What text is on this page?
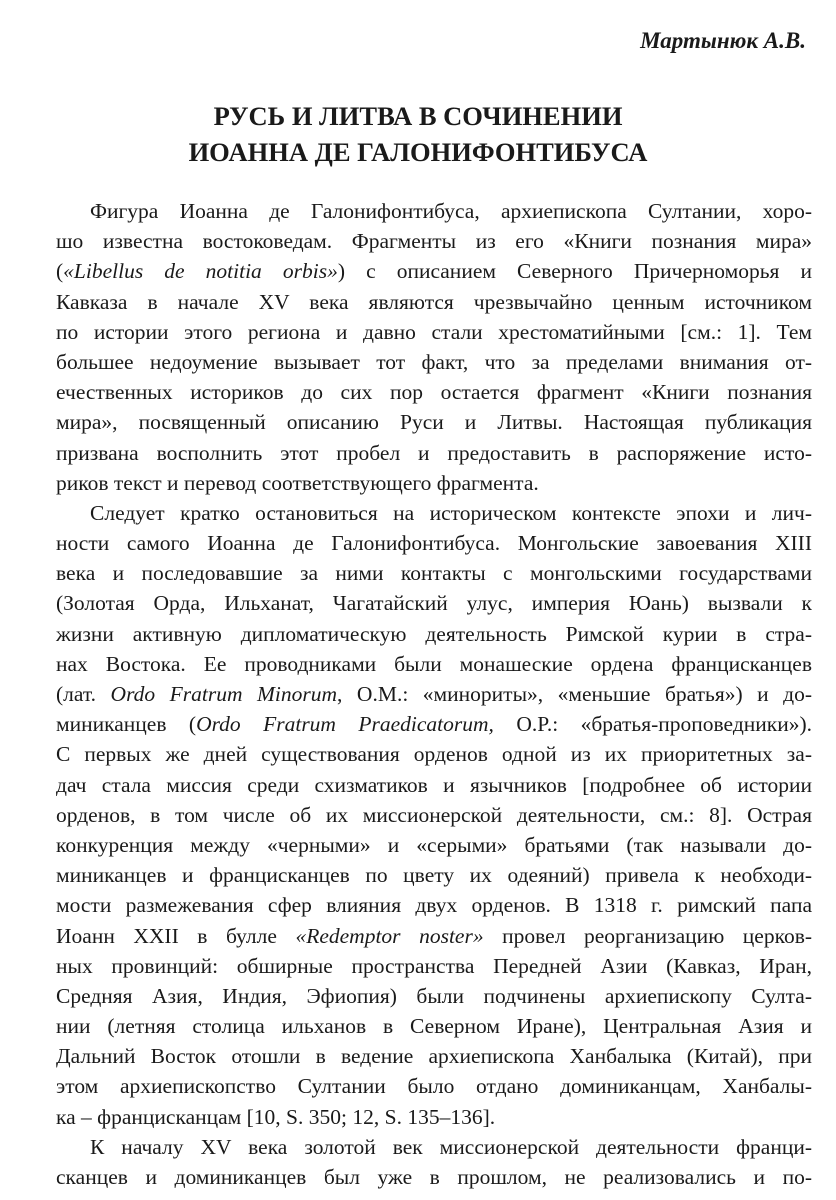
Мартынюк А.В.

РУСЬ И ЛИТВА В СОЧИНЕНИИ
ИОАННА ДЕ ГАЛОНИФОНТИБУСА
Фигура Иоанна де Галонифонтибуса, архиепископа Султании, хоро-
шо известна востоковедам. Фрагменты из его «Книги познания мира»
(«Libellus de notitia orbis») с описанием Северного Причерноморья и
Кавказа в начале XV века являются чрезвычайно ценным источником
по истории этого региона и давно стали хрестоматийными [см.: 1]. Тем
большее недоумение вызывает тот факт, что за пределами внимания от-
ечественных историков до сих пор остается фрагмент «Книги познания
мира», посвященный описанию Руси и Литвы. Настоящая публикация
призвана восполнить этот пробел и предоставить в распоряжение исто-
риков текст и перевод соответствующего фрагмента.
Следует кратко остановиться на историческом контексте эпохи и лич-
ности самого Иоанна де Галонифонтибуса. Монгольские завоевания XIII
века и последовавшие за ними контакты с монгольскими государствами
(Золотая Орда, Ильханат, Чагатайский улус, империя Юань) вызвали к
жизни активную дипломатическую деятельность Римской курии в стра-
нах Востока. Ее проводниками были монашеские ордена францисканцев
(лат. Ordo Fratrum Minorum, O.M.: «минориты», «меньшие братья») и до-
миниканцев (Ordo Fratrum Praedicatorum, O.P.: «братья-проповедники»).
С первых же дней существования орденов одной из их приоритетных за-
дач стала миссия среди схизматиков и язычников [подробнее об истории
орденов, в том числе об их миссионерской деятельности, см.: 8]. Острая
конкуренция между «черными» и «серыми» братьями (так называли до-
миниканцев и францисканцев по цвету их одеяний) привела к необходи-
мости размежевания сфер влияния двух орденов. В 1318 г. римский папа
Иоанн XXII в булле «Redemptor noster» провел реорганизацию церков-
ных провинций: обширные пространства Передней Азии (Кавказ, Иран,
Средняя Азия, Индия, Эфиопия) были подчинены архиепископу Султа-
нии (летняя столица ильханов в Северном Иране), Центральная Азия и
Дальний Восток отошли в ведение архиепископа Ханбалыка (Китай), при
этом архиепископство Султании было отдано доминиканцам, Ханбалы-
ка – францисканцам [10, S. 350; 12, S. 135–136].
К началу XV века золотой век миссионерской деятельности франци-
сканцев и доминиканцев был уже в прошлом, не реализовались и по-
